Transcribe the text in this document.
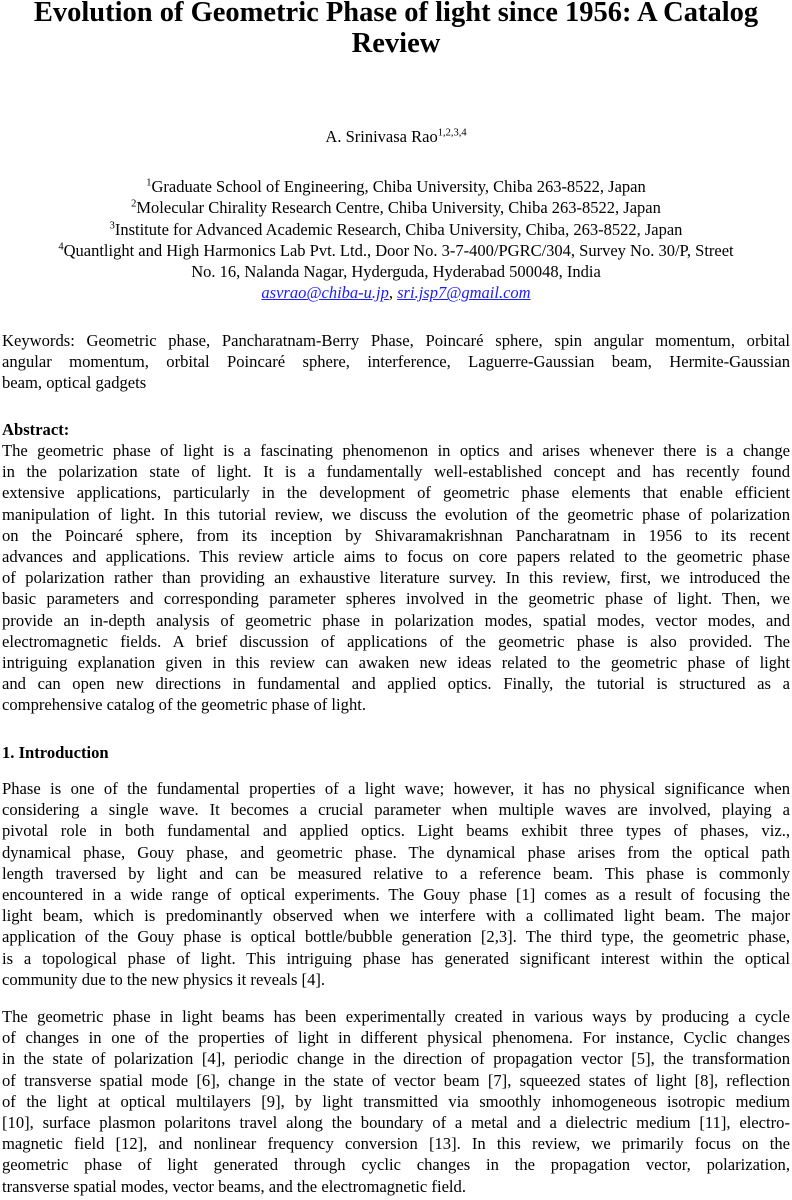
Evolution of Geometric Phase of light since 1956: A Catalog
Review
A. Srinivasa Rao$^{1,2,3,4}$
$^1$Graduate School of Engineering, Chiba University, Chiba 263-8522, Japan
$^2$Molecular Chirality Research Centre, Chiba University, Chiba 263-8522, Japan
$^3$Institute for Advanced Academic Research, Chiba University, Chiba, 263-8522, Japan
$^4$Quantlight and High Harmonics Lab Pvt. Ltd., Door No. 3-7-400/PGRC/304, Survey No. 30/P, Street
No. 16, Nalanda Nagar, Hyderguda, Hyderabad 500048, India
asvrao@chiba-u.jp, sri.jsp7@gmail.com
Keywords: Geometric phase, Pancharatnam-Berry Phase, Poincaré sphere, spin angular momentum, orbital
angular momentum, orbital Poincaré sphere, interference, Laguerre-Gaussian beam, Hermite-Gaussian
beam, optical gadgets
Abstract:
The geometric phase of light is a fascinating phenomenon in optics and arises whenever there is a change
in the polarization state of light. It is a fundamentally well-established concept and has recently found
extensive applications, particularly in the development of geometric phase elements that enable efficient
manipulation of light. In this tutorial review, we discuss the evolution of the geometric phase of polarization
on the Poincaré sphere, from its inception by Shivaramakrishnan Pancharatnam in 1956 to its recent
advances and applications. This review article aims to focus on core papers related to the geometric phase
of polarization rather than providing an exhaustive literature survey. In this review, first, we introduced the
basic parameters and corresponding parameter spheres involved in the geometric phase of light. Then, we
provide an in-depth analysis of geometric phase in polarization modes, spatial modes, vector modes, and
electromagnetic fields. A brief discussion of applications of the geometric phase is also provided. The
intriguing explanation given in this review can awaken new ideas related to the geometric phase of light
and can open new directions in fundamental and applied optics. Finally, the tutorial is structured as a
comprehensive catalog of the geometric phase of light.
1. Introduction
Phase is one of the fundamental properties of a light wave; however, it has no physical significance when
considering a single wave. It becomes a crucial parameter when multiple waves are involved, playing a
pivotal role in both fundamental and applied optics. Light beams exhibit three types of phases, viz.,
dynamical phase, Gouy phase, and geometric phase. The dynamical phase arises from the optical path
length traversed by light and can be measured relative to a reference beam. This phase is commonly
encountered in a wide range of optical experiments. The Gouy phase [1] comes as a result of focusing the
light beam, which is predominantly observed when we interfere with a collimated light beam. The major
application of the Gouy phase is optical bottle/bubble generation [2,3]. The third type, the geometric phase,
is a topological phase of light. This intriguing phase has generated significant interest within the optical
community due to the new physics it reveals [4].
The geometric phase in light beams has been experimentally created in various ways by producing a cycle
of changes in one of the properties of light in different physical phenomena. For instance, Cyclic changes
in the state of polarization [4], periodic change in the direction of propagation vector [5], the transformation
of transverse spatial mode [6], change in the state of vector beam [7], squeezed states of light [8], reflection
of the light at optical multilayers [9], by light transmitted via smoothly inhomogeneous isotropic medium
[10], surface plasmon polaritons travel along the boundary of a metal and a dielectric medium [11], electro-
magnetic field [12], and nonlinear frequency conversion [13]. In this review, we primarily focus on the
geometric phase of light generated through cyclic changes in the propagation vector, polarization,
transverse spatial modes, vector beams, and the electromagnetic field.
